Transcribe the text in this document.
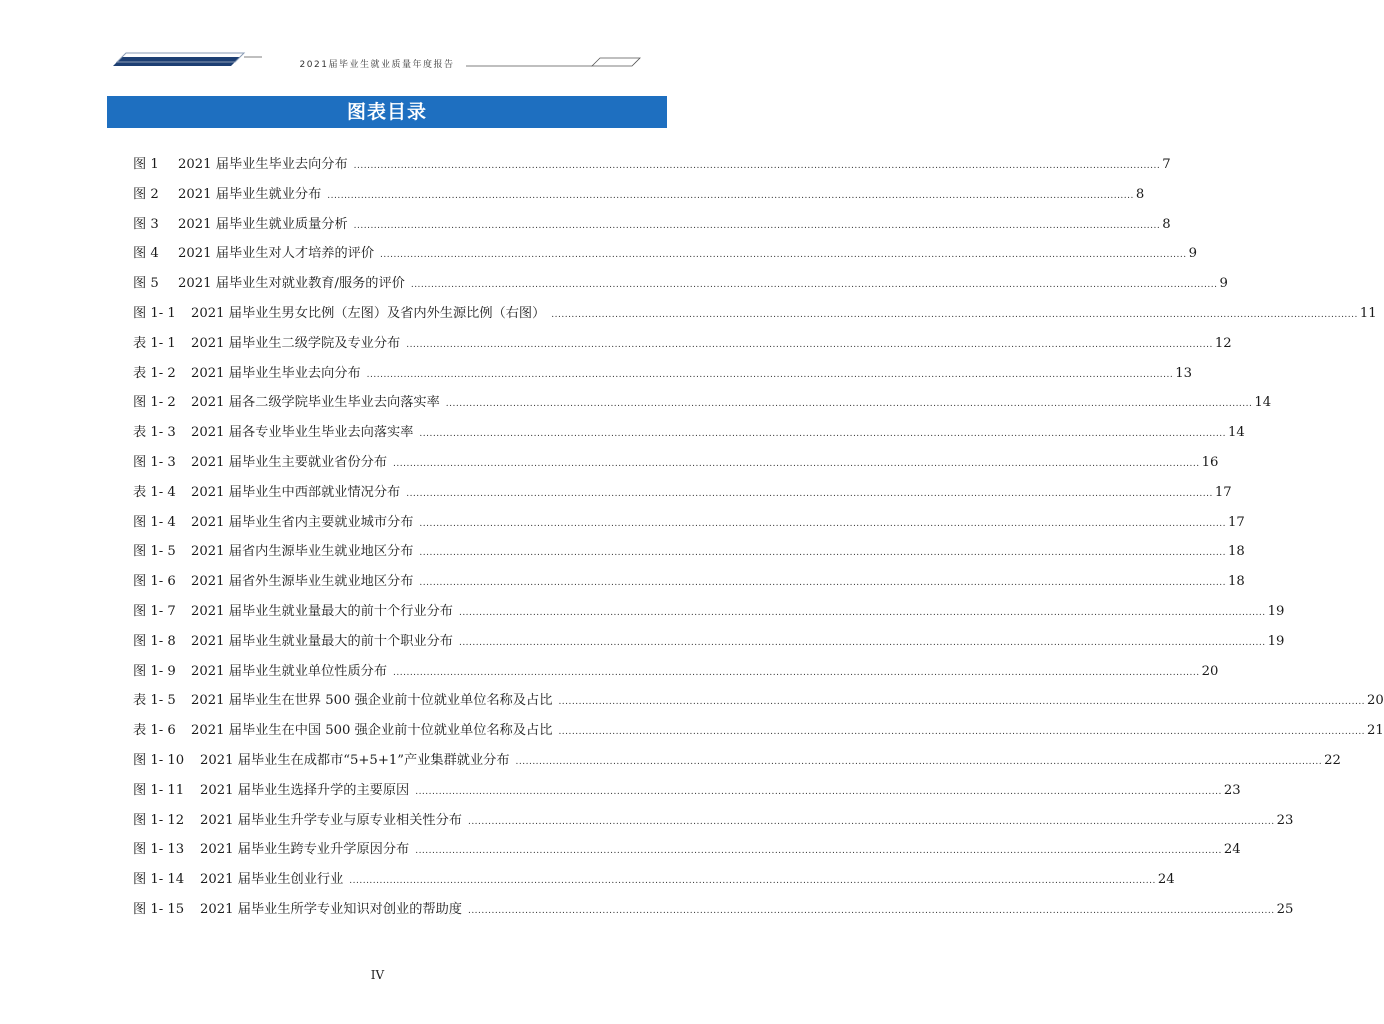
2021届毕业生就业质量年度报告
图表目录
图 1	2021 届毕业生毕业去向分布 ................................................................................................................................................................................................................................................ 7
图 2	2021 届毕业生就业分布 ................................................................................................................................................................................................................................................ 8
图 3	2021 届毕业生就业质量分析 ................................................................................................................................................................................................................................................ 8
图 4	2021 届毕业生对人才培养的评价 ................................................................................................................................................................................................................................................ 9
图 5	2021 届毕业生对就业教育/服务的评价 ................................................................................................................................................................................................................................................ 9
图 1- 1	2021 届毕业生男女比例（左图）及省内外生源比例（右图） ................................................................................................................................................................................................................................................ 11
表 1- 1	2021 届毕业生二级学院及专业分布 ................................................................................................................................................................................................................................................ 12
表 1- 2	2021 届毕业生毕业去向分布 ................................................................................................................................................................................................................................................ 13
图 1- 2	2021 届各二级学院毕业生毕业去向落实率 ................................................................................................................................................................................................................................................ 14
表 1- 3	2021 届各专业毕业生毕业去向落实率 ................................................................................................................................................................................................................................................ 14
图 1- 3	2021 届毕业生主要就业省份分布 ................................................................................................................................................................................................................................................ 16
表 1- 4	2021 届毕业生中西部就业情况分布 ................................................................................................................................................................................................................................................ 17
图 1- 4	2021 届毕业生省内主要就业城市分布 ................................................................................................................................................................................................................................................ 17
图 1- 5	2021 届省内生源毕业生就业地区分布 ................................................................................................................................................................................................................................................ 18
图 1- 6	2021 届省外生源毕业生就业地区分布 ................................................................................................................................................................................................................................................ 18
图 1- 7	2021 届毕业生就业量最大的前十个行业分布 ................................................................................................................................................................................................................................................ 19
图 1- 8	2021 届毕业生就业量最大的前十个职业分布 ................................................................................................................................................................................................................................................ 19
图 1- 9	2021 届毕业生就业单位性质分布 ................................................................................................................................................................................................................................................ 20
表 1- 5	2021 届毕业生在世界 500 强企业前十位就业单位名称及占比 ................................................................................................................................................................................................................................................ 20
表 1- 6	2021 届毕业生在中国 500 强企业前十位就业单位名称及占比 ................................................................................................................................................................................................................................................ 21
图 1- 10	2021 届毕业生在成都市“5+5+1”产业集群就业分布 ................................................................................................................................................................................................................................................ 22
图 1- 11	2021 届毕业生选择升学的主要原因 ................................................................................................................................................................................................................................................ 23
图 1- 12	2021 届毕业生升学专业与原专业相关性分布 ................................................................................................................................................................................................................................................ 23
图 1- 13	2021 届毕业生跨专业升学原因分布 ................................................................................................................................................................................................................................................ 24
图 1- 14	2021 届毕业生创业行业 ................................................................................................................................................................................................................................................ 24
图 1- 15	2021 届毕业生所学专业知识对创业的帮助度 ................................................................................................................................................................................................................................................ 25
IV
